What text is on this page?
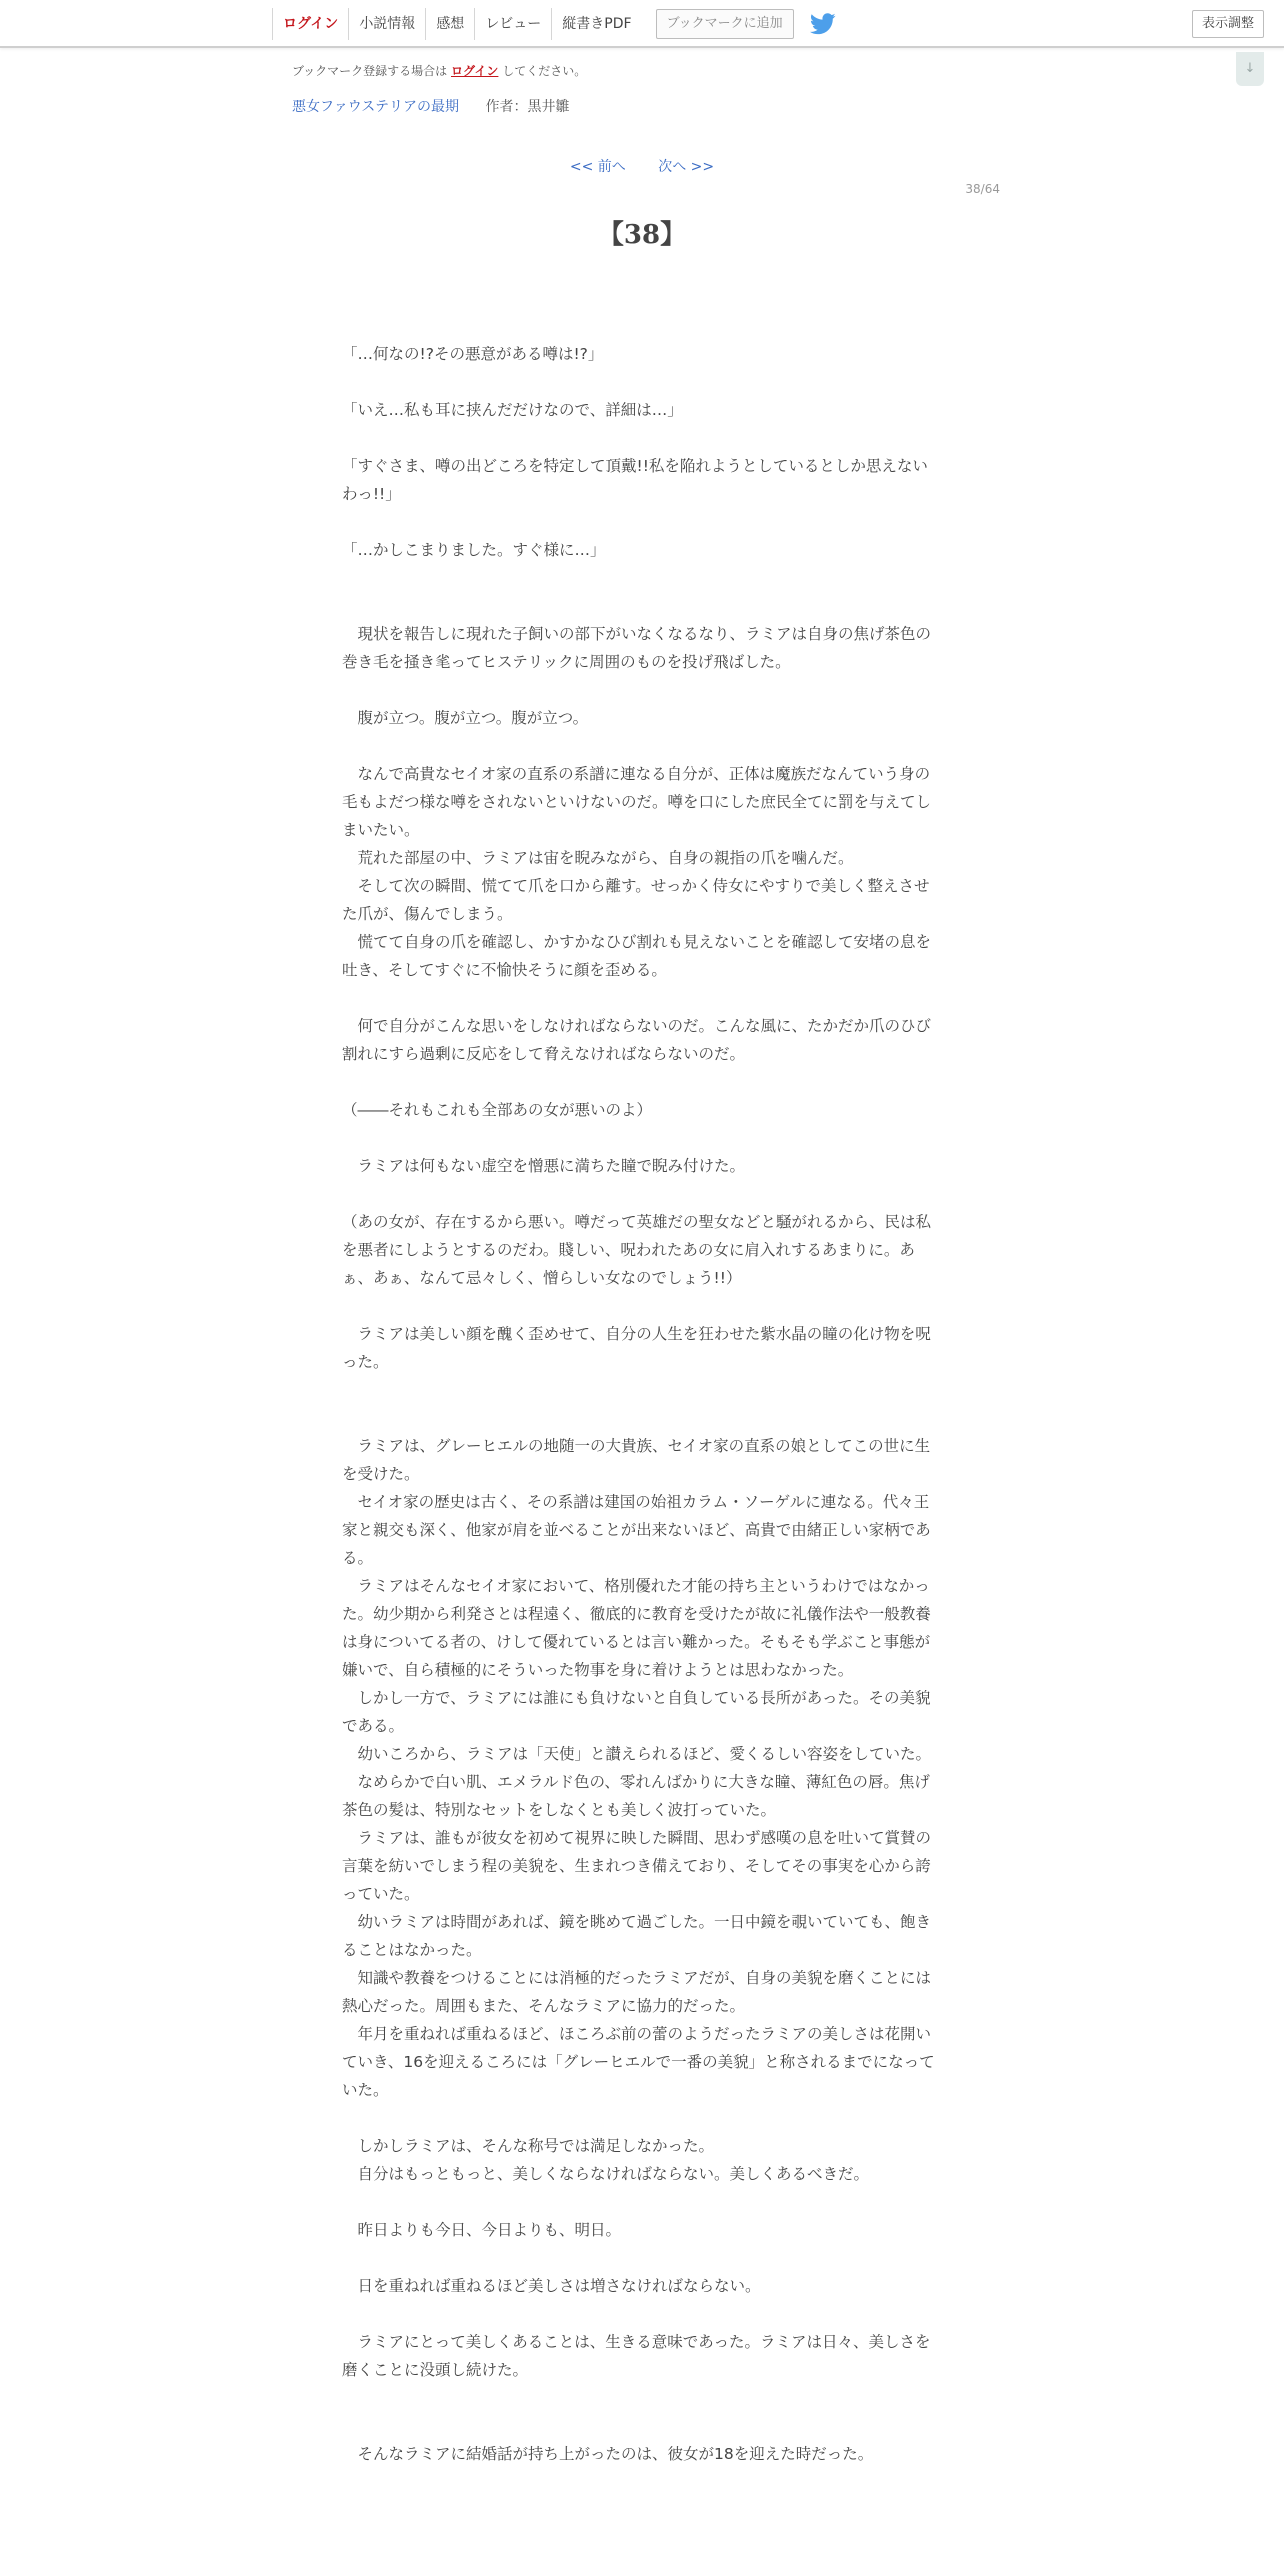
ログイン	小説情報	感想	レビュー	縦書きPDF	ブックマークに追加	表示調整
↓
ブックマーク登録する場合は ログイン してください。
悪女ファウステリアの最期 作者：黒井雛
<< 前へ 次へ >>
38/64
【38】

「…何なの!?その悪意がある噂は!?」

「いえ…私も耳に挟んだだけなので、詳細は…」

「すぐさま、噂の出どころを特定して頂戴!!私を陥れようとしているとしか思えないわっ!!」

「…かしこまりました。すぐ様に…」

　現状を報告しに現れた子飼いの部下がいなくなるなり、ラミアは自身の焦げ茶色の巻き毛を掻き毟ってヒステリックに周囲のものを投げ飛ばした。

　腹が立つ。腹が立つ。腹が立つ。

　なんで高貴なセイオ家の直系の系譜に連なる自分が、正体は魔族だなんていう身の毛もよだつ様な噂をされないといけないのだ。噂を口にした庶民全てに罰を与えてしまいたい。

　荒れた部屋の中、ラミアは宙を睨みながら、自身の親指の爪を噛んだ。

　そして次の瞬間、慌てて爪を口から離す。せっかく侍女にやすりで美しく整えさせた爪が、傷んでしまう。

　慌てて自身の爪を確認し、かすかなひび割れも見えないことを確認して安堵の息を吐き、そしてすぐに不愉快そうに顔を歪める。

　何で自分がこんな思いをしなければならないのだ。こんな風に、たかだか爪のひび割れにすら過剰に反応をして脅えなければならないのだ。

（――それもこれも全部あの女が悪いのよ）

　ラミアは何もない虚空を憎悪に満ちた瞳で睨み付けた。

（あの女が、存在するから悪い。噂だって英雄だの聖女などと騒がれるから、民は私を悪者にしようとするのだわ。賤しい、呪われたあの女に肩入れするあまりに。あぁ、あぁ、なんて忌々しく、憎らしい女なのでしょう!!）

　ラミアは美しい顔を醜く歪めせて、自分の人生を狂わせた紫水晶の瞳の化け物を呪った。

　ラミアは、グレーヒエルの地随一の大貴族、セイオ家の直系の娘としてこの世に生を受けた。

　セイオ家の歴史は古く、その系譜は建国の始祖カラム・ソーゲルに連なる。代々王家と親交も深く、他家が肩を並べることが出来ないほど、高貴で由緒正しい家柄である。

　ラミアはそんなセイオ家において、格別優れた才能の持ち主というわけではなかった。幼少期から利発さとは程遠く、徹底的に教育を受けたが故に礼儀作法や一般教養は身についてる者の、けして優れているとは言い難かった。そもそも学ぶこと事態が嫌いで、自ら積極的にそういった物事を身に着けようとは思わなかった。

　しかし一方で、ラミアには誰にも負けないと自負している長所があった。その美貌である。

　幼いころから、ラミアは「天使」と讃えられるほど、愛くるしい容姿をしていた。

　なめらかで白い肌、エメラルド色の、零れんばかりに大きな瞳、薄紅色の唇。焦げ茶色の髪は、特別なセットをしなくとも美しく波打っていた。

　ラミアは、誰もが彼女を初めて視界に映した瞬間、思わず感嘆の息を吐いて賞賛の言葉を紡いでしまう程の美貌を、生まれつき備えており、そしてその事実を心から誇っていた。

　幼いラミアは時間があれば、鏡を眺めて過ごした。一日中鏡を覗いていても、飽きることはなかった。

　知識や教養をつけることには消極的だったラミアだが、自身の美貌を磨くことには熱心だった。周囲もまた、そんなラミアに協力的だった。

　年月を重ねれば重ねるほど、ほころぶ前の蕾のようだったラミアの美しさは花開いていき、16を迎えるころには「グレーヒエルで一番の美貌」と称されるまでになっていた。

　しかしラミアは、そんな称号では満足しなかった。

　自分はもっともっと、美しくならなければならない。美しくあるべきだ。

　昨日よりも今日、今日よりも、明日。

　日を重ねれば重ねるほど美しさは増さなければならない。

　ラミアにとって美しくあることは、生きる意味であった。ラミアは日々、美しさを磨くことに没頭し続けた。

　そんなラミアに結婚話が持ち上がったのは、彼女が18を迎えた時だった。
